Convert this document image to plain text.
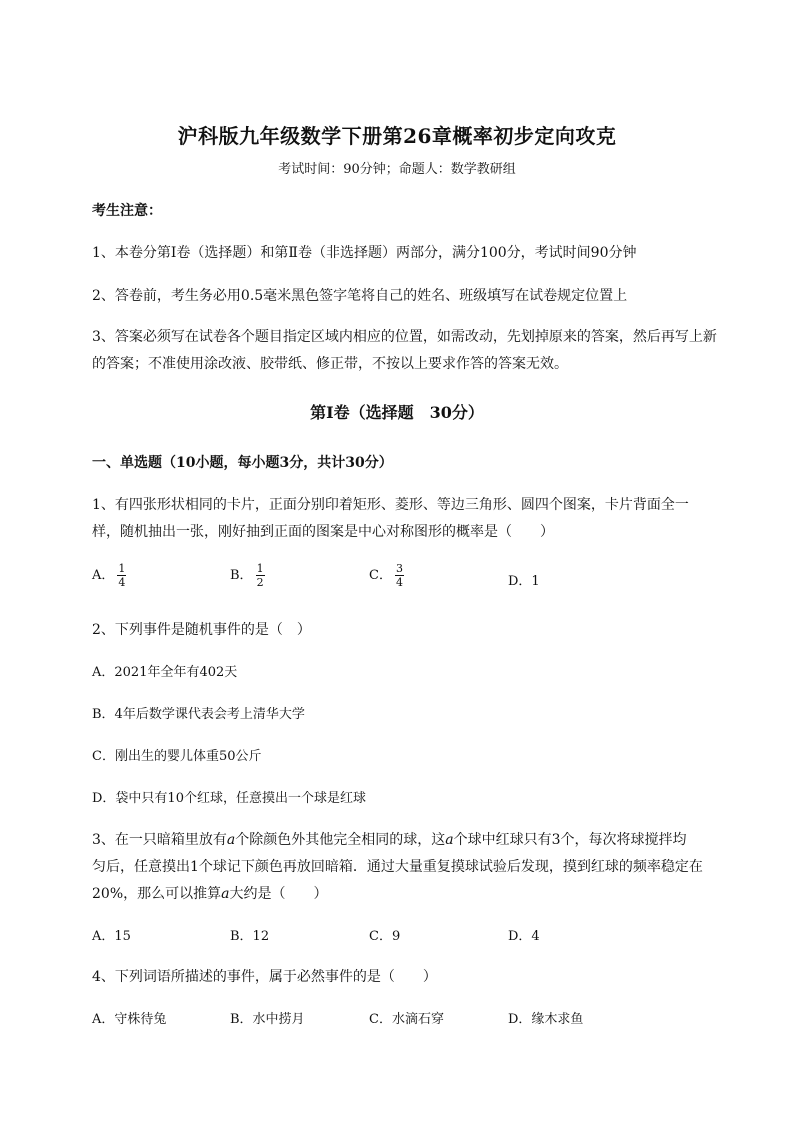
沪科版九年级数学下册第26章概率初步定向攻克
考试时间：90分钟；命题人：数学教研组
考生注意：
1、本卷分第I卷（选择题）和第Ⅱ卷（非选择题）两部分，满分100分，考试时间90分钟
2、答卷前，考生务必用0.5毫米黑色签字笔将自己的姓名、班级填写在试卷规定位置上
3、答案必须写在试卷各个题目指定区域内相应的位置，如需改动，先划掉原来的答案，然后再写上新
的答案；不准使用涂改液、胶带纸、修正带，不按以上要求作答的答案无效。
第I卷（选择题　30分）
一、单选题（10小题，每小题3分，共计30分）
1、有四张形状相同的卡片，正面分别印着矩形、菱形、等边三角形、圆四个图案，卡片背面全一
样，随机抽出一张，刚好抽到正面的图案是中心对称图形的概率是（　　）
A． $\frac{1}{4}$	B． $\frac{1}{2}$	C． $\frac{3}{4}$	D．1
2、下列事件是随机事件的是（　）
A．2021年全年有402天
B．4年后数学课代表会考上清华大学
C．刚出生的婴儿体重50公斤
D．袋中只有10个红球，任意摸出一个球是红球
3、在一只暗箱里放有a个除颜色外其他完全相同的球，这a个球中红球只有3个，每次将球搅拌均
匀后，任意摸出1个球记下颜色再放回暗箱．通过大量重复摸球试验后发现，摸到红球的频率稳定在
20%，那么可以推算a大约是（　　）
A．15	B．12	C．9	D．4
4、下列词语所描述的事件，属于必然事件的是（　　）
A．守株待兔	B．水中捞月	C．水滴石穿	D．缘木求鱼
